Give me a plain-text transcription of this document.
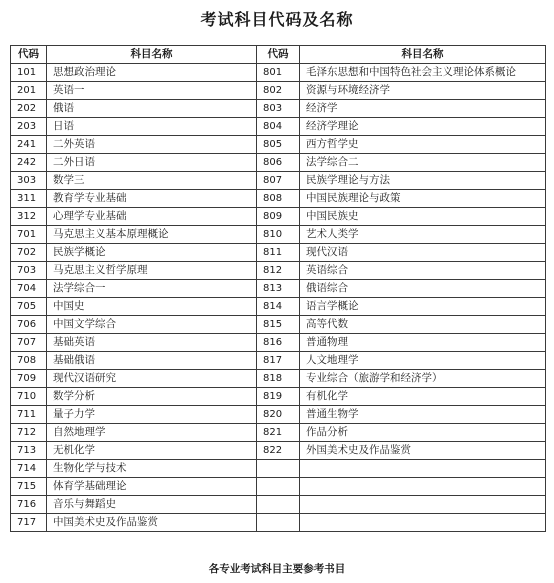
考试科目代码及名称
代码	科目名称	代码	科目名称
101	思想政治理论	801	毛泽东思想和中国特色社会主义理论体系概论
201	英语一	802	资源与环境经济学
202	俄语	803	经济学
203	日语	804	经济学理论
241	二外英语	805	西方哲学史
242	二外日语	806	法学综合二
303	数学三	807	民族学理论与方法
311	教育学专业基础	808	中国民族理论与政策
312	心理学专业基础	809	中国民族史
701	马克思主义基本原理概论	810	艺术人类学
702	民族学概论	811	现代汉语
703	马克思主义哲学原理	812	英语综合
704	法学综合一	813	俄语综合
705	中国史	814	语言学概论
706	中国文学综合	815	高等代数
707	基础英语	816	普通物理
708	基础俄语	817	人文地理学
709	现代汉语研究	818	专业综合（旅游学和经济学）
710	数学分析	819	有机化学
711	量子力学	820	普通生物学
712	自然地理学	821	作品分析
713	无机化学	822	外国美术史及作品鉴赏
714	生物化学与技术		
715	体育学基础理论		
716	音乐与舞蹈史		
717	中国美术史及作品鉴赏		
各专业考试科目主要参考书目
